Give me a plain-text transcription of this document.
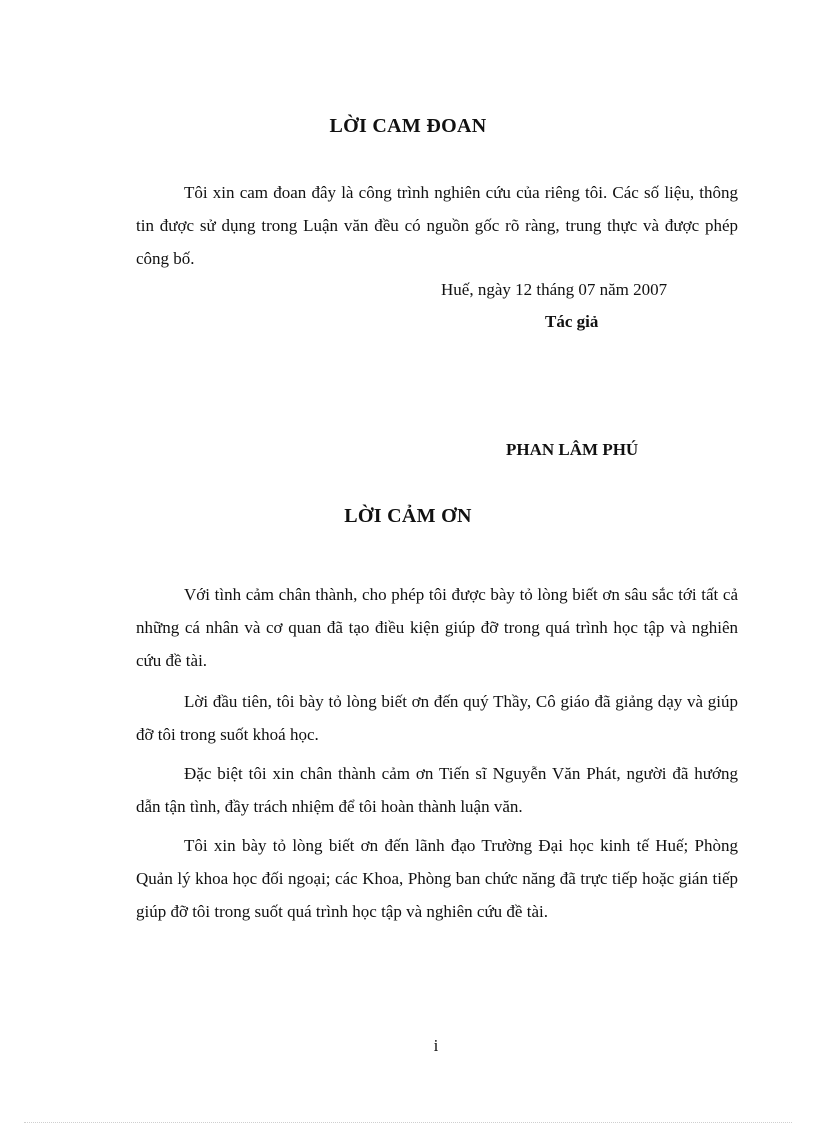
LỜI CAM ĐOAN

Tôi xin cam đoan đây là công trình nghiên cứu của riêng tôi. Các số liệu, thông tin được sử dụng trong Luận văn đều có nguồn gốc rõ ràng, trung thực và được phép công bố.

Huế, ngày 12 tháng 07 năm 2007
Tác giả
PHAN LÂM PHÚ
LỜI CẢM ƠN

Với tình cảm chân thành, cho phép tôi được bày tỏ lòng biết ơn sâu sắc tới tất cả những cá nhân và cơ quan đã tạo điều kiện giúp đỡ trong quá trình học tập và nghiên cứu đề tài.

Lời đầu tiên, tôi bày tỏ lòng biết ơn đến quý Thầy, Cô giáo đã giảng dạy và giúp đỡ tôi trong suốt khoá học.

Đặc biệt tôi xin chân thành cảm ơn Tiến sĩ Nguyễn Văn Phát, người đã hướng dẫn tận tình, đầy trách nhiệm để tôi hoàn thành luận văn.

Tôi xin bày tỏ lòng biết ơn đến lãnh đạo Trường Đại học kinh tế Huế; Phòng Quản lý khoa học đối ngoại; các Khoa, Phòng ban chức năng đã trực tiếp hoặc gián tiếp giúp đỡ tôi trong suốt quá trình học tập và nghiên cứu đề tài.

i
